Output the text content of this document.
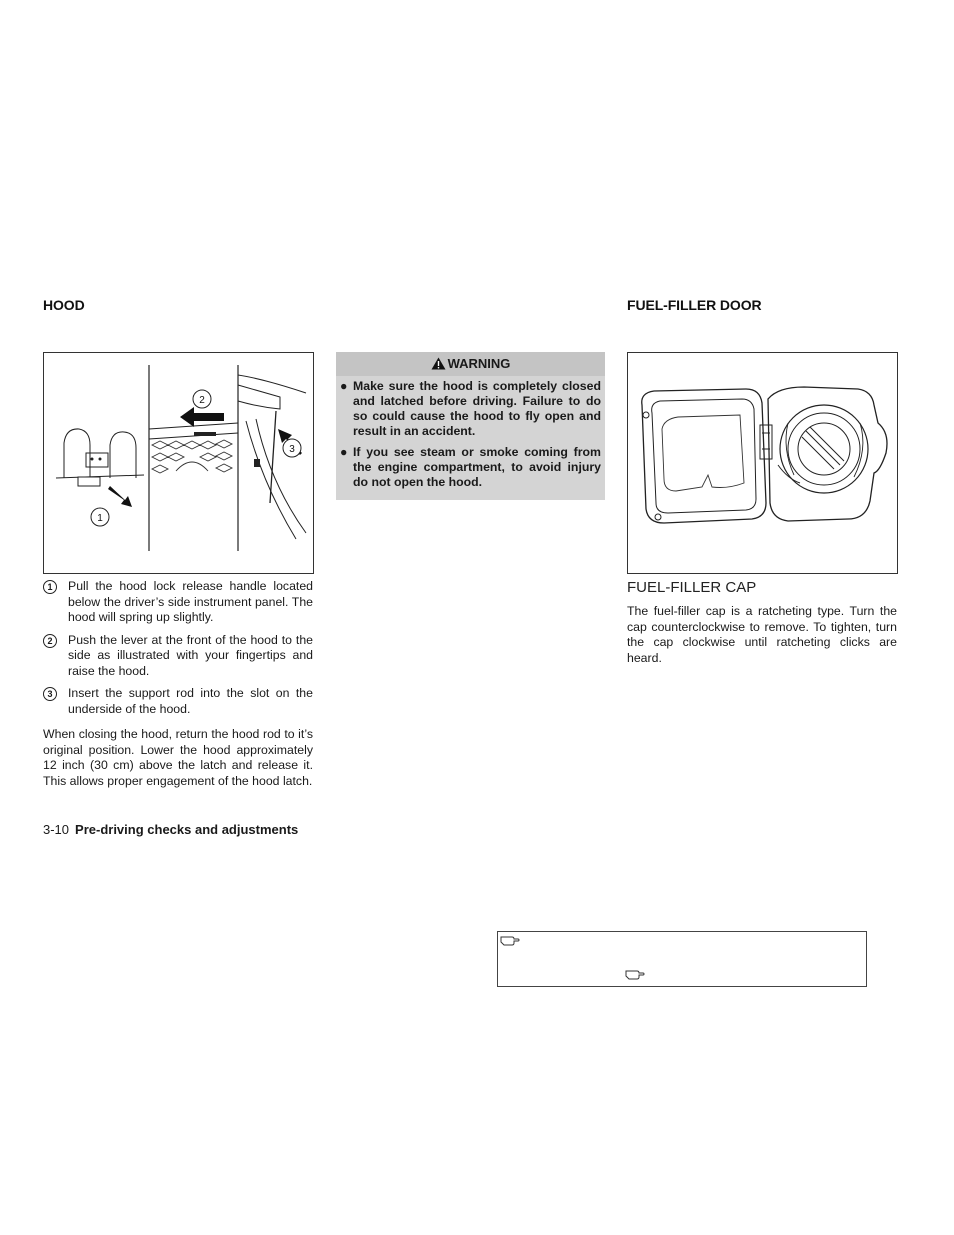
HOOD
1
2
3
1	Pull the hood lock release handle located below the driver’s side instrument panel. The hood will spring up slightly.
2	Push the lever at the front of the hood to the side as illustrated with your fingertips and raise the hood.
3	Insert the support rod into the slot on the underside of the hood.
When closing the hood, return the hood rod to it’s original position. Lower the hood approximately 12 inch (30 cm) above the latch and release it. This allows proper engagement of the hood latch.
3-10 Pre-driving checks and adjustments
WARNING
● Make sure the hood is completely closed and latched before driving. Failure to do so could cause the hood to fly open and result in an accident.
● If you see steam or smoke coming from the engine compartment, to avoid injury do not open the hood.
FUEL-FILLER DOOR
FUEL-FILLER CAP
The fuel-filler cap is a ratcheting type. Turn the cap counterclockwise to remove. To tighten, turn the cap clockwise until ratcheting clicks are heard.
